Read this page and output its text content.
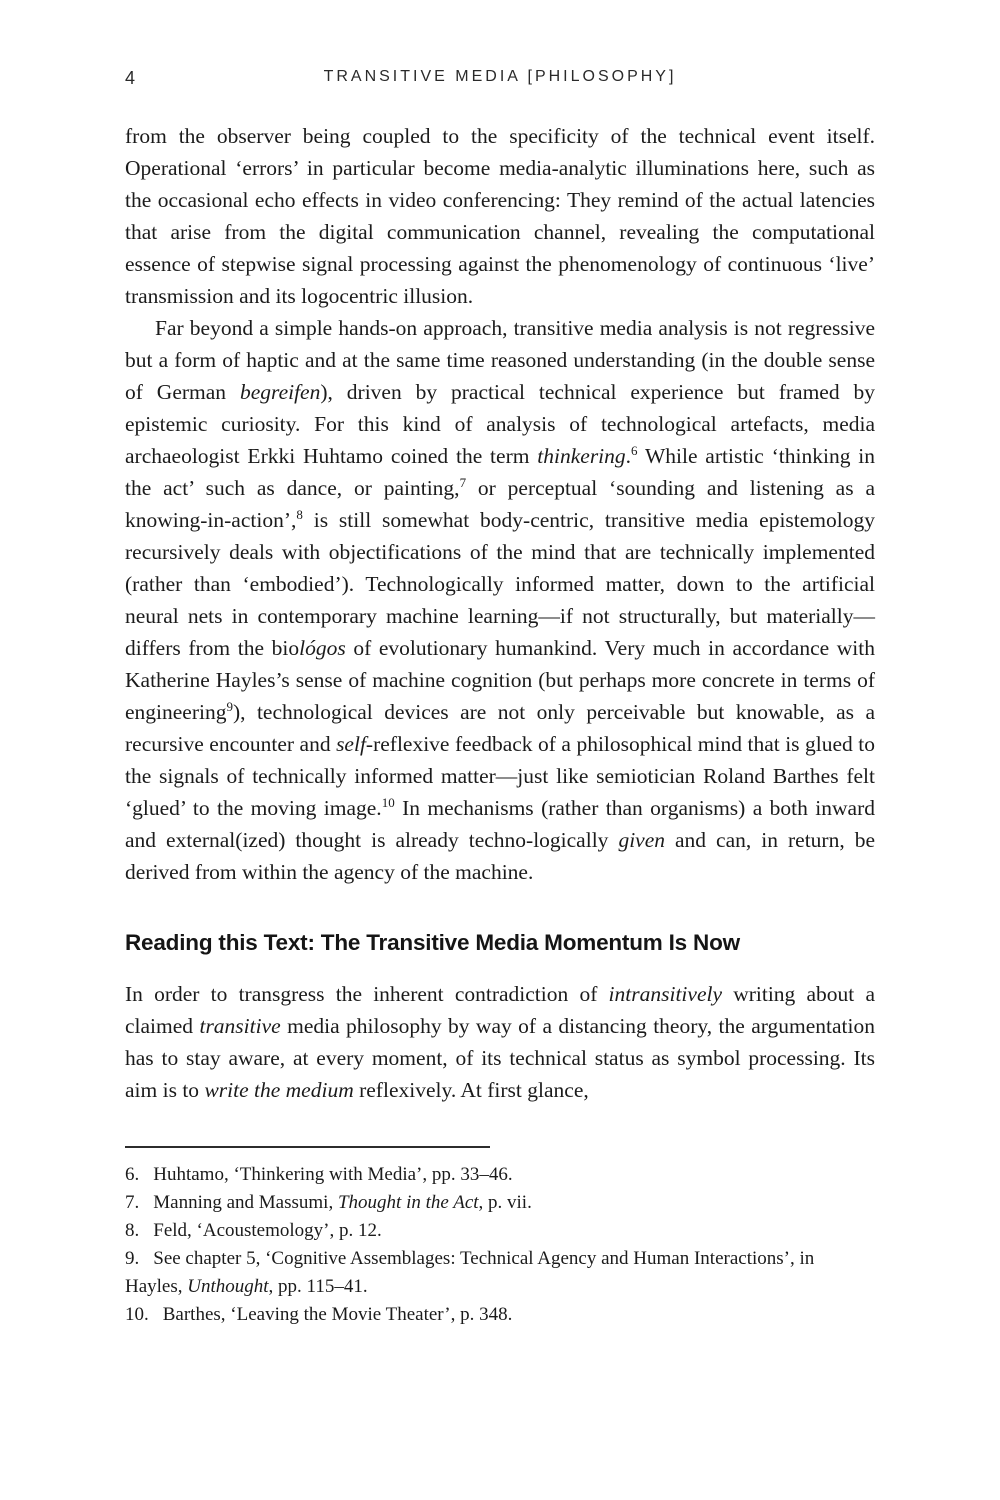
4	TRANSITIVE MEDIA [PHILOSOPHY]

from the observer being coupled to the specificity of the technical event itself. Operational ‘errors’ in particular become media-analytic illuminations here, such as the occasional echo effects in video conferencing: They remind of the actual latencies that arise from the digital communication channel, revealing the computational essence of stepwise signal processing against the phenomenology of continuous ‘live’ transmission and its logocentric illusion.

Far beyond a simple hands-on approach, transitive media analysis is not regressive but a form of haptic and at the same time reasoned understanding (in the double sense of German begreifen), driven by practical technical experience but framed by epistemic curiosity. For this kind of analysis of technological artefacts, media archaeologist Erkki Huhtamo coined the term thinkering.$^6$ While artistic ‘thinking in the act’ such as dance, or painting,$^7$ or perceptual ‘sounding and listening as a knowing-in-action’,$^8$ is still somewhat body-centric, transitive media epistemology recursively deals with objectifications of the mind that are technically implemented (rather than ‘embodied’). Technologically informed matter, down to the artificial neural nets in contemporary machine learning—if not structurally, but materially—differs from the biológos of evolutionary humankind. Very much in accordance with Katherine Hayles’s sense of machine cognition (but perhaps more concrete in terms of engineering$^9$), technological devices are not only perceivable but knowable, as a recursive encounter and self-reflexive feedback of a philosophical mind that is glued to the signals of technically informed matter—just like semiotician Roland Barthes felt ‘glued’ to the moving image.$^{10}$ In mechanisms (rather than organisms) a both inward and external(ized) thought is already techno-logically given and can, in return, be derived from within the agency of the machine.

Reading this Text: The Transitive Media Momentum Is Now

In order to transgress the inherent contradiction of intransitively writing about a claimed transitive media philosophy by way of a distancing theory, the argumentation has to stay aware, at every moment, of its technical status as symbol processing. Its aim is to write the medium reflexively. At first glance,

6. Huhtamo, ‘Thinkering with Media’, pp. 33–46.

7. Manning and Massumi, Thought in the Act, p. vii.

8. Feld, ‘Acoustemology’, p. 12.

9. See chapter 5, ‘Cognitive Assemblages: Technical Agency and Human Interactions’, in Hayles, Unthought, pp. 115–41.

10. Barthes, ‘Leaving the Movie Theater’, p. 348.
